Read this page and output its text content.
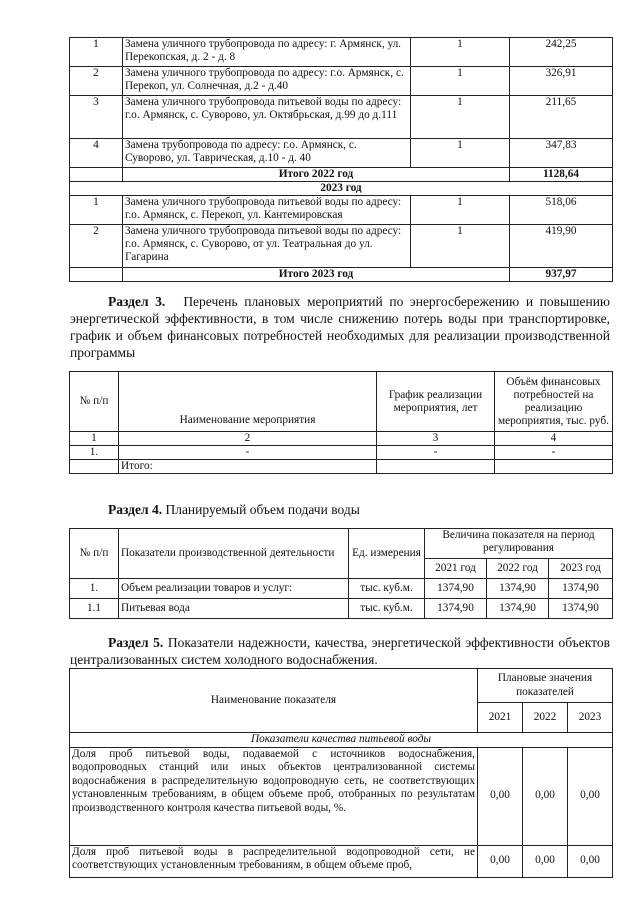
1	Замена уличного трубопровода по адресу: г. Армянск, ул. Перекопская, д. 2 - д. 8	1	242,25
2	Замена уличного трубопровода по адресу: г.о. Армянск, с. Перекоп, ул. Солнечная, д.2 - д.40	1	326,91
3	Замена уличного трубопровода питьевой воды по адресу: г.о. Армянск, с. Суворово, ул. Октябрьская, д.99 до д.111	1	211,65
4	Замена трубопровода по адресу: г.о. Армянск, с. Суворово, ул. Таврическая, д.10 - д. 40	1	347,83
	Итого 2022 год		1128,64
2023 год			
1	Замена уличного трубопровода питьевой воды по адресу: г.о. Армянск, с. Перекоп, ул. Кантемировская	1	518,06
2	Замена уличного трубопровода питьевой воды по адресу: г.о. Армянск, с. Суворово, от ул. Театральная до ул. Гагарина	1	419,90
	Итого 2023 год		937,97
Раздел 3. Перечень плановых мероприятий по энергосбережению и повышению энергетической эффективности, в том числе снижению потерь воды при транспортировке, график и объем финансовых потребностей необходимых для реализации производственной программы
№ п/п	Наименование мероприятия	График реализации мероприятия, лет	Объём финансовых потребностей на реализацию мероприятия, тыс. руб.
1	2	3	4
1.	-	-	-
	Итого:		
Раздел 4. Планируемый объем подачи воды
№ п/п	Показатели производственной деятельности	Ед. измерения	Величина показателя на период регулирования		
			2021 год	2022 год	2023 год
1.	Объем реализации товаров и услуг:	тыс. куб.м.	1374,90	1374,90	1374,90
1.1	Питьевая вода	тыс. куб.м.	1374,90	1374,90	1374,90
Раздел 5. Показатели надежности, качества, энергетической эффективности объектов централизованных систем холодного водоснабжения.
Наименование показателя	Плановые значения показателей		
	2021	2022	2023
Показатели качества питьевой воды			
Доля проб питьевой воды, подаваемой с источников водоснабжения, водопроводных станций или иных объектов централизованной системы водоснабжения в распределительную водопроводную сеть, не соответствующих установленным требованиям, в общем объеме проб, отобранных по результатам производственного контроля качества питьевой воды, %.	0,00	0,00	0,00
Доля проб питьевой воды в распределительной водопроводной сети, не соответствующих установленным требованиям, в общем объеме проб,	0,00	0,00	0,00
